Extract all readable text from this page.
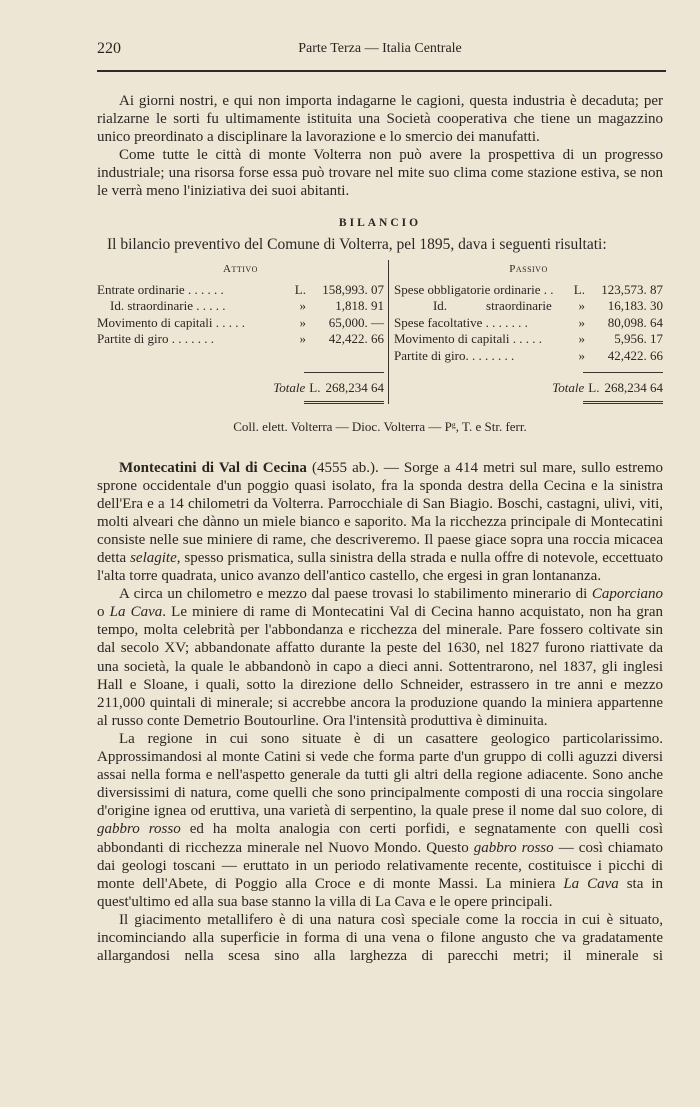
220	Parte Terza — Italia Centrale

Ai giorni nostri, e qui non importa indagarne le cagioni, questa industria è decaduta; per rialzarne le sorti fu ultimamente istituita una Società cooperativa che tiene un magazzino unico preordinato a disciplinare la lavorazione e lo smercio dei manufatti.

Come tutte le città di monte Volterra non può avere la prospettiva di un progresso industriale; una risorsa forse essa può trovare nel mite suo clima come stazione estiva, se non le verrà meno l'iniziativa dei suoi abitanti.

BILANCIO

Il bilancio preventivo del Comune di Volterra, pel 1895, dava i seguenti risultati:

Attivo
Entrate ordinarie . . . . . .	L.	158,993. 07
 Id. straordinarie . . . . .	»	1,818. 91
Movimento di capitali . . . . .	»	65,000. —
Partite di giro . . . . . . .	»	42,422. 66

Totale L. 268,234 64
Passivo
Spese obbligatorie ordinarie . .	L.	123,573. 87
   Id.   straordinarie	»	16,183. 30
Spese facoltative . . . . . . .	»	80,098. 64
Movimento di capitali . . . . .	»	5,956. 17
Partite di giro. . . . . . . .	»	42,422. 66
Totale L. 268,234 64
Coll. elett. Volterra — Dioc. Volterra — Pᵍ, T. e Str. ferr.

Montecatini di Val di Cecina (4555 ab.). — Sorge a 414 metri sul mare, sullo estremo sprone occidentale d'un poggio quasi isolato, fra la sponda destra della Cecina e la sinistra dell'Era e a 14 chilometri da Volterra. Parrocchiale di San Biagio. Boschi, castagni, ulivi, viti, molti alveari che dànno un miele bianco e saporito. Ma la ricchezza principale di Montecatini consiste nelle sue miniere di rame, che descriveremo. Il paese giace sopra una roccia micacea detta selagite, spesso prismatica, sulla sinistra della strada e nulla offre di notevole, eccettuato l'alta torre quadrata, unico avanzo dell'antico castello, che ergesi in gran lontananza.

A circa un chilometro e mezzo dal paese trovasi lo stabilimento minerario di Caporciano o La Cava. Le miniere di rame di Montecatini Val di Cecina hanno acquistato, non ha gran tempo, molta celebrità per l'abbondanza e ricchezza del minerale. Pare fossero coltivate sin dal secolo XV; abbandonate affatto durante la peste del 1630, nel 1827 furono riattivate da una società, la quale le abbandonò in capo a dieci anni. Sottentrarono, nel 1837, gli inglesi Hall e Sloane, i quali, sotto la direzione dello Schneider, estrassero in tre anni e mezzo 211,000 quintali di minerale; si accrebbe ancora la produzione quando la miniera appartenne al russo conte Demetrio Boutourline. Ora l'intensità produttiva è diminuita.

La regione in cui sono situate è di un casattere geologico particolarissimo. Approssimandosi al monte Catini si vede che forma parte d'un gruppo di colli aguzzi diversi assai nella forma e nell'aspetto generale da tutti gli altri della regione adiacente. Sono anche diversissimi di natura, come quelli che sono principalmente composti di una roccia singolare d'origine ignea od eruttiva, una varietà di serpentino, la quale prese il nome dal suo colore, di gabbro rosso ed ha molta analogia con certi porfidi, e segnatamente con quelli così abbondanti di ricchezza minerale nel Nuovo Mondo. Questo gabbro rosso — così chiamato dai geologi toscani — eruttato in un periodo relativamente recente, costituisce i picchi di monte dell'Abete, di Poggio alla Croce e di monte Massi. La miniera La Cava sta in quest'ultimo ed alla sua base stanno la villa di La Cava e le opere principali.

Il giacimento metallifero è di una natura così speciale come la roccia in cui è situato, incominciando alla superficie in forma di una vena o filone angusto che va gradatamente allargandosi nella scesa sino alla larghezza di parecchi metri; il minerale si
